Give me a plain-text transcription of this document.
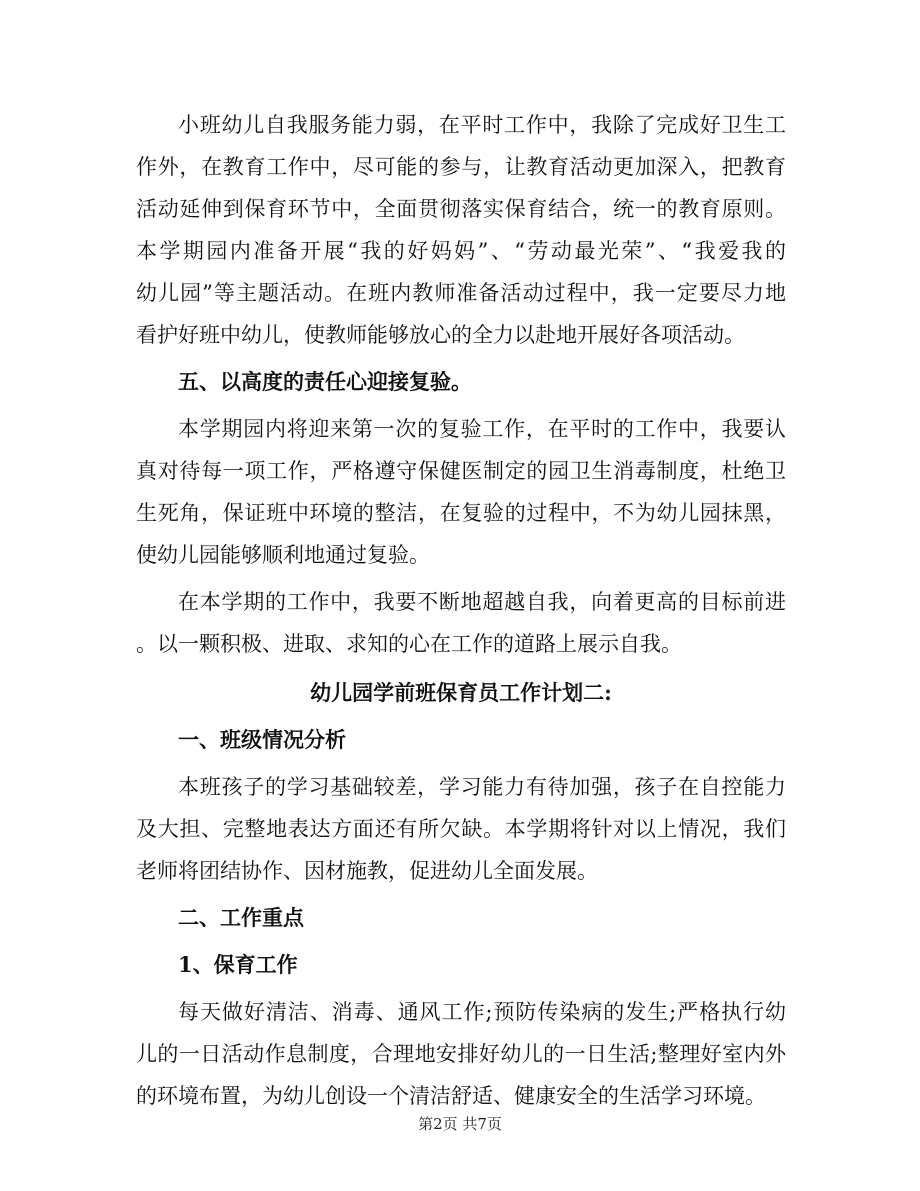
小班幼儿自我服务能力弱，在平时工作中，我除了完成好卫生工

作外，在教育工作中，尽可能的参与，让教育活动更加深入，把教育

活动延伸到保育环节中，全面贯彻落实保育结合，统一的教育原则。

本学期园内准备开展“我的好妈妈”、“劳动最光荣”、“我爱我的

幼儿园”等主题活动。在班内教师准备活动过程中，我一定要尽力地

看护好班中幼儿，使教师能够放心的全力以赴地开展好各项活动。

五、以高度的责任心迎接复验。

本学期园内将迎来第一次的复验工作，在平时的工作中，我要认

真对待每一项工作，严格遵守保健医制定的园卫生消毒制度，杜绝卫

生死角，保证班中环境的整洁，在复验的过程中，不为幼儿园抹黑，

使幼儿园能够顺利地通过复验。

在本学期的工作中，我要不断地超越自我，向着更高的目标前进

。以一颗积极、进取、求知的心在工作的道路上展示自我。

幼儿园学前班保育员工作计划二:

一、班级情况分析

本班孩子的学习基础较差，学习能力有待加强，孩子在自控能力

及大担、完整地表达方面还有所欠缺。本学期将针对以上情况，我们

老师将团结协作、因材施教，促进幼儿全面发展。

二、工作重点

1、保育工作

每天做好清洁、消毒、通风工作;预防传染病的发生;严格执行幼

儿的一日活动作息制度，合理地安排好幼儿的一日生活;整理好室内外

的环境布置，为幼儿创设一个清洁舒适、健康安全的生活学习环境。

第2页 共7页
